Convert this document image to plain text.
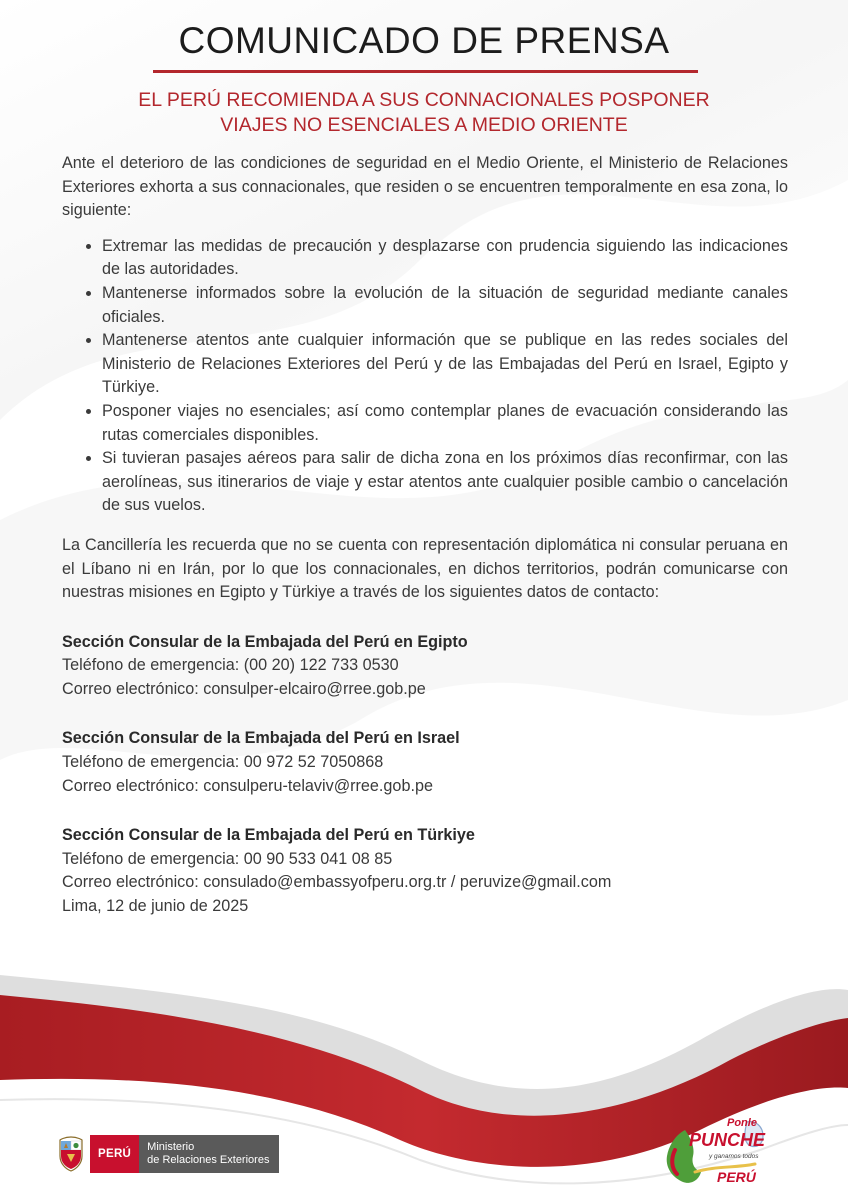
COMUNICADO DE PRENSA
EL PERÚ RECOMIENDA A SUS CONNACIONALES POSPONER
VIAJES NO ESENCIALES A MEDIO ORIENTE

Ante el deterioro de las condiciones de seguridad en el Medio Oriente, el Ministerio de Relaciones Exteriores exhorta a sus connacionales, que residen o se encuentren temporalmente en esa zona, lo siguiente:

• Extremar las medidas de precaución y desplazarse con prudencia siguiendo las indicaciones de las autoridades.
• Mantenerse informados sobre la evolución de la situación de seguridad mediante canales oficiales.
• Mantenerse atentos ante cualquier información que se publique en las redes sociales del Ministerio de Relaciones Exteriores del Perú y de las Embajadas del Perú en Israel, Egipto y Türkiye.
• Posponer viajes no esenciales; así como contemplar planes de evacuación considerando las rutas comerciales disponibles.
• Si tuvieran pasajes aéreos para salir de dicha zona en los próximos días reconfirmar, con las aerolíneas, sus itinerarios de viaje y estar atentos ante cualquier posible cambio o cancelación de sus vuelos.

La Cancillería les recuerda que no se cuenta con representación diplomática ni consular peruana en el Líbano ni en Irán, por lo que los connacionales, en dichos territorios, podrán comunicarse con nuestras misiones en Egipto y Türkiye a través de los siguientes datos de contacto:

Sección Consular de la Embajada del Perú en Egipto
Teléfono de emergencia: (00 20) 122 733 0530
Correo electrónico: consulper-elcairo@rree.gob.pe
Sección Consular de la Embajada del Perú en Israel
Teléfono de emergencia: 00 972 52 7050868
Correo electrónico: consulperu-telaviv@rree.gob.pe
Sección Consular de la Embajada del Perú en Türkiye
Teléfono de emergencia: 00 90 533 041 08 85
Correo electrónico: consulado@embassyofperu.org.tr / peruvize@gmail.com

Lima, 12 de junio de 2025

PERÚ
Ministerio
de Relaciones Exteriores
Ponle
PUNCHE
y ganamos todos
PERÚ
